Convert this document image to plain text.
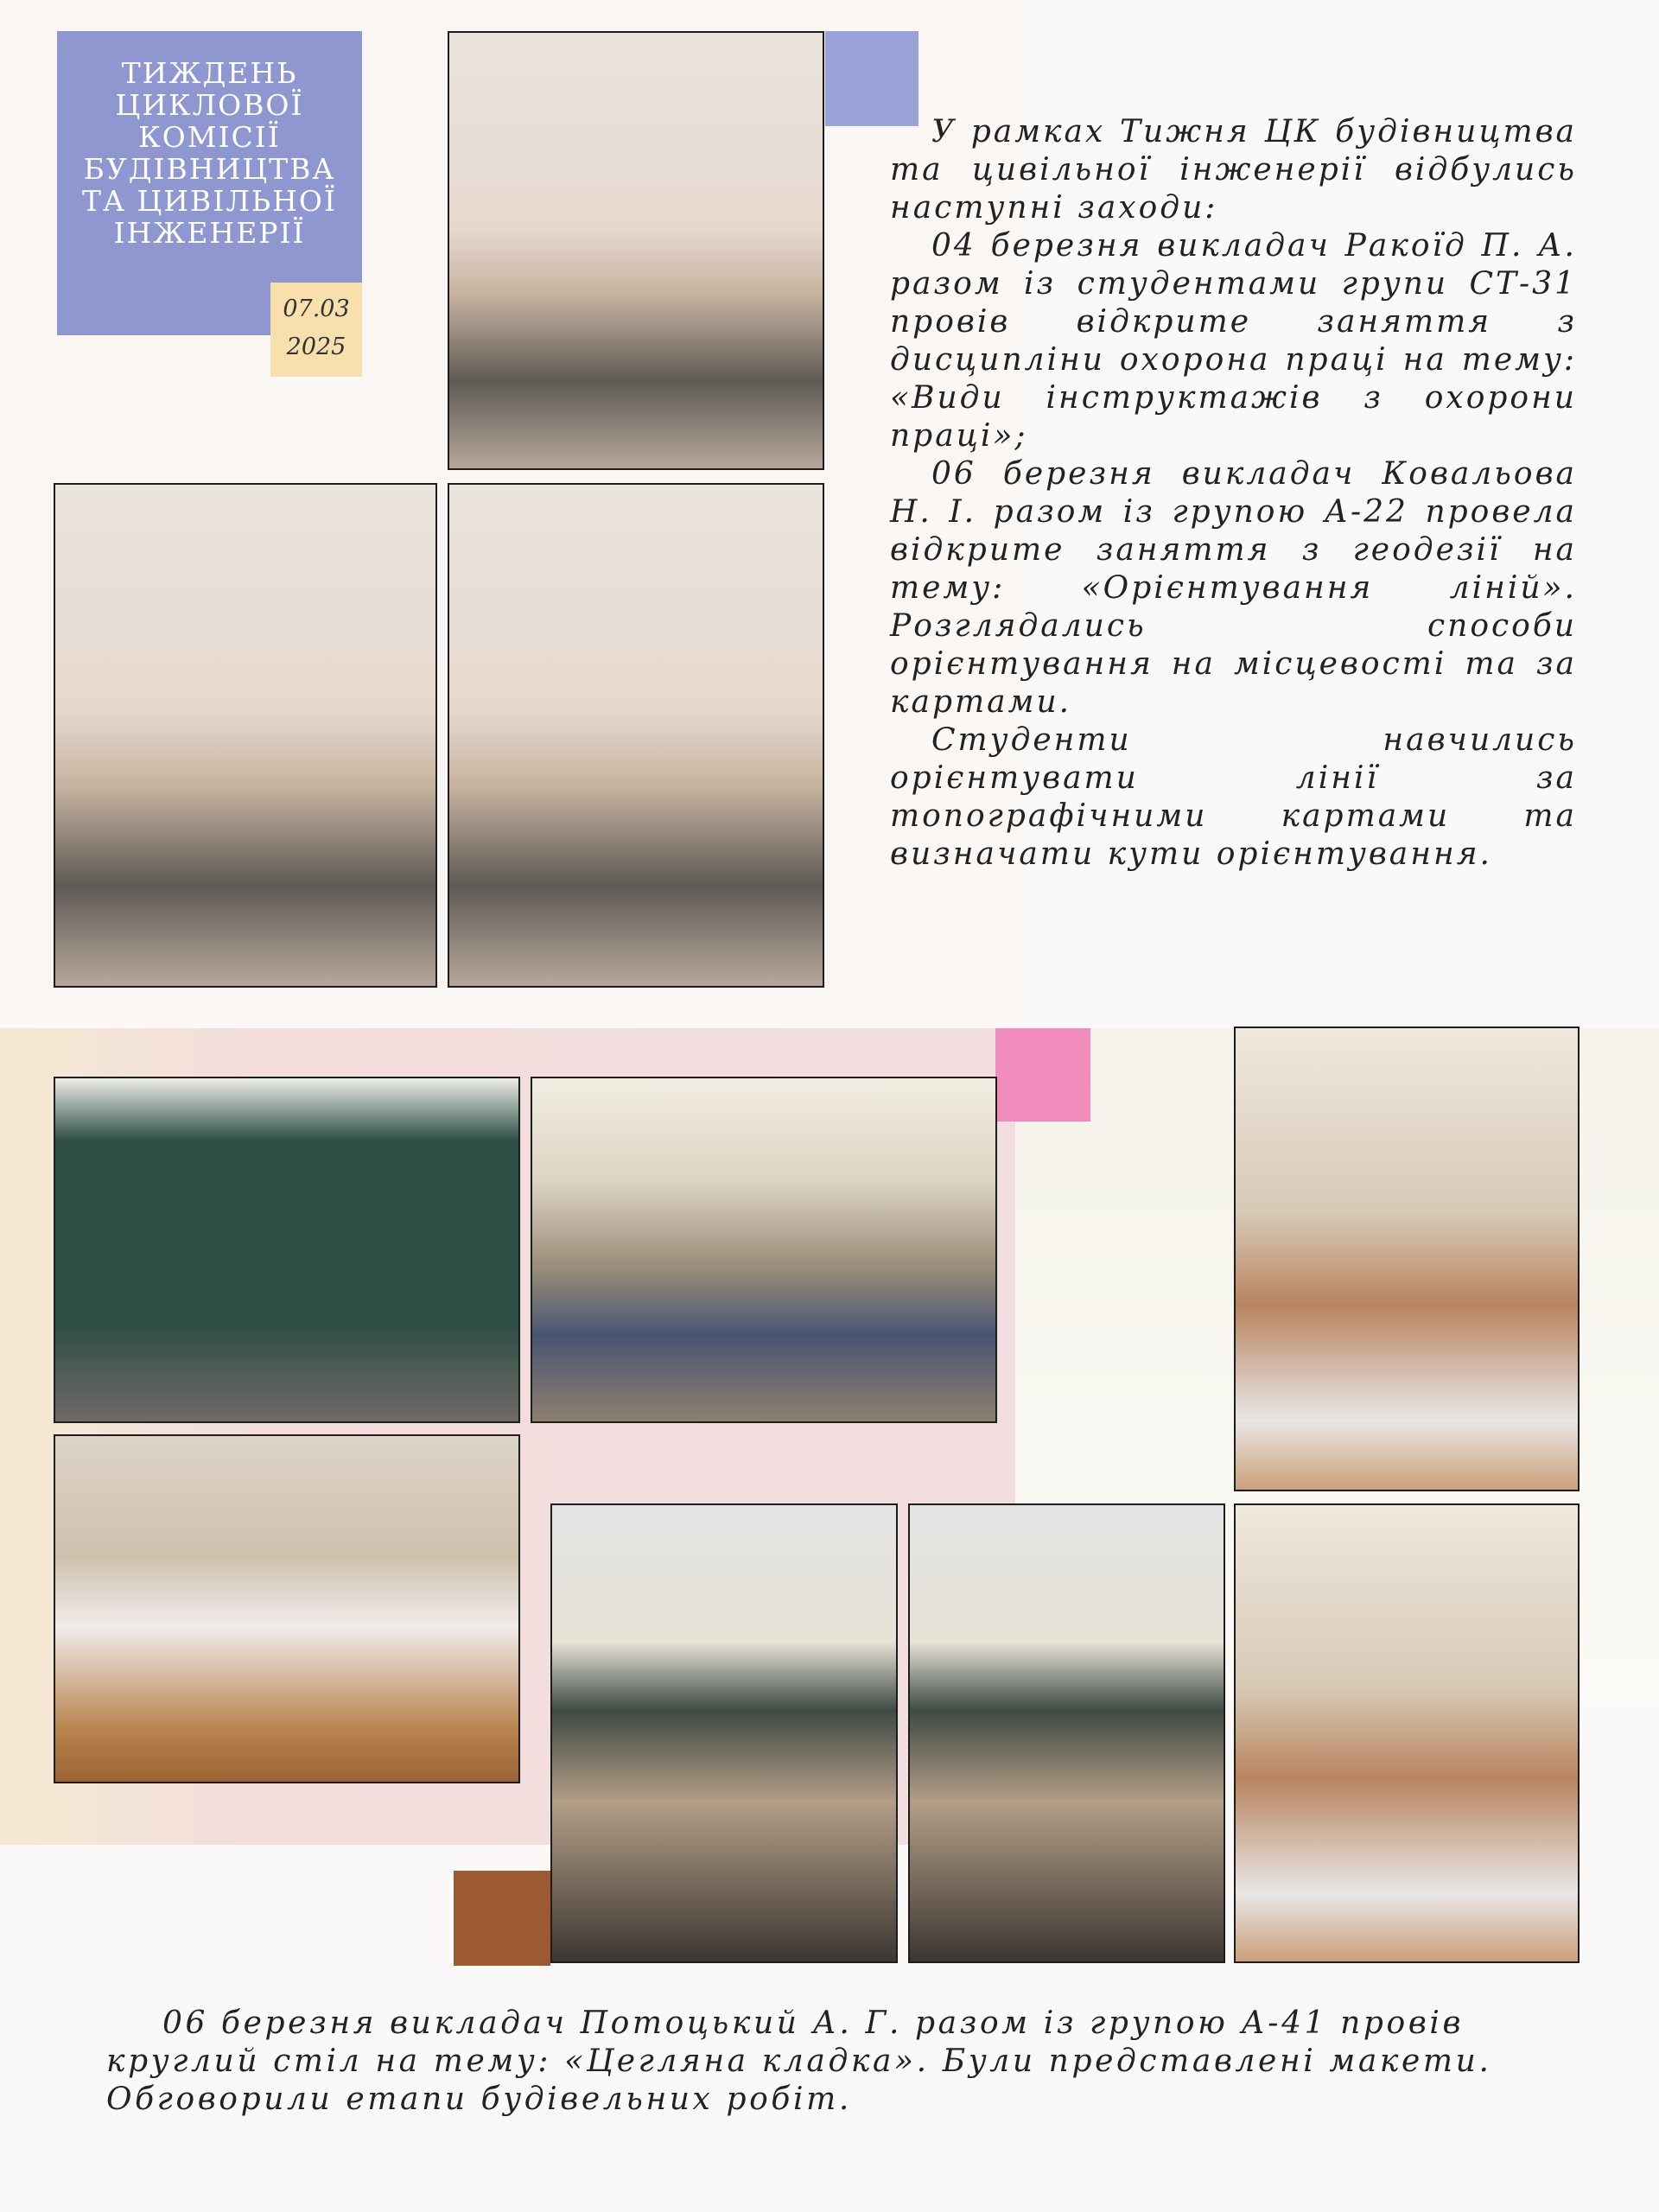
ТИЖДЕНЬ
ЦИКЛОВОЇ
КОМІСІЇ
БУДІВНИЦТВА
ТА ЦИВІЛЬНОЇ
ІНЖЕНЕРІЇ
07.03
2025

У рамках Тижня ЦК будівництва та цивільної інженерії відбулись наступні заходи:

04 березня викладач Ракоїд П. А. разом із студентами групи СТ-31 провів відкрите заняття з дисципліни охорона праці на тему: «Види інструктажів з охорони праці»;

06 березня викладач Ковальова Н. І. разом із групою А-22 провела відкрите заняття з геодезії на тему: «Орієнтування ліній». Розглядались способи орієнтування на місцевості та за картами.

Студенти навчились орієнтувати лінії за топографічними картами та визначати кути орієнтування.

06 березня викладач Потоцький А. Г. разом із групою А-41 провів круглий стіл на тему: «Цегляна кладка». Були представлені макети. Обговорили етапи будівельних робіт.
